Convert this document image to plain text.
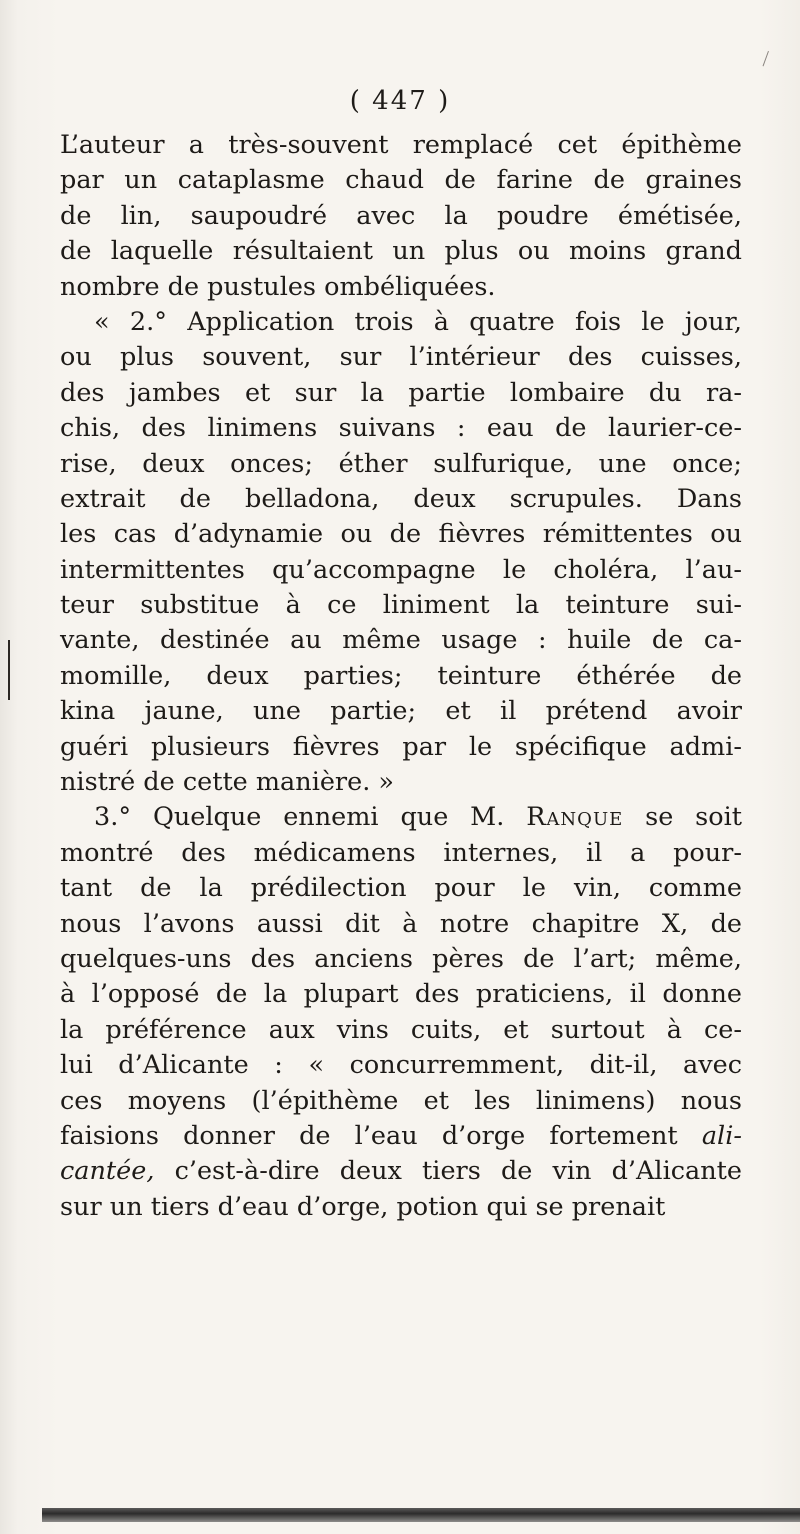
( 447 )
L’auteur a très-souvent remplacé cet épithème
par un cataplasme chaud de farine de graines
de lin, saupoudré avec la poudre émétisée,
de laquelle résultaient un plus ou moins grand
nombre de pustules ombéliquées.
« 2.° Application trois à quatre fois le jour,
ou plus souvent, sur l’intérieur des cuisses,
des jambes et sur la partie lombaire du ra-
chis, des linimens suivans : eau de laurier-ce-
rise, deux onces; éther sulfurique, une once;
extrait de belladona, deux scrupules. Dans
les cas d’adynamie ou de fièvres rémittentes ou
intermittentes qu’accompagne le choléra, l’au-
teur substitue à ce liniment la teinture sui-
vante, destinée au même usage : huile de ca-
momille, deux parties; teinture éthérée de
kina jaune, une partie; et il prétend avoir
guéri plusieurs fièvres par le spécifique admi-
nistré de cette manière. »
3.° Quelque ennemi que M. Ranque se soit
montré des médicamens internes, il a pour-
tant de la prédilection pour le vin, comme
nous l’avons aussi dit à notre chapitre X, de
quelques-uns des anciens pères de l’art; même,
à l’opposé de la plupart des praticiens, il donne
la préférence aux vins cuits, et surtout à ce-
lui d’Alicante : « concurremment, dit-il, avec
ces moyens (l’épithème et les linimens) nous
faisions donner de l’eau d’orge fortement ali-
cantée, c’est-à-dire deux tiers de vin d’Alicante
sur un tiers d’eau d’orge, potion qui se prenait
